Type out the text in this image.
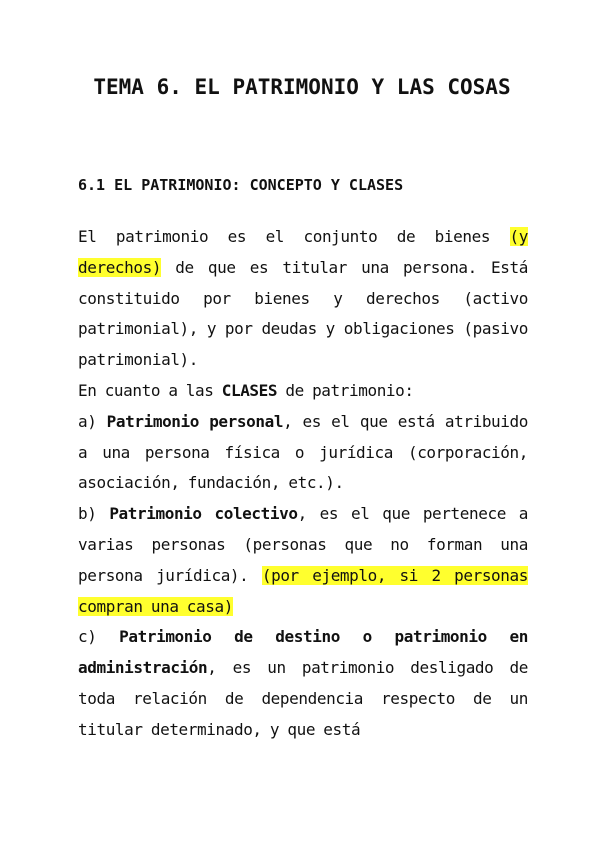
TEMA 6. EL PATRIMONIO Y LAS COSAS
6.1 EL PATRIMONIO: CONCEPTO Y CLASES

El patrimonio es el conjunto de bienes (y derechos) de que es titular una persona. Está constituido por bienes y derechos (activo patrimonial), y por deudas y obligaciones (pasivo patrimonial).

En cuanto a las CLASES de patrimonio:

a) Patrimonio personal, es el que está atribuido a una persona física o jurídica (corporación, asociación, fundación, etc.).

b) Patrimonio colectivo, es el que pertenece a varias personas (personas que no forman una persona jurídica). (por ejemplo, si 2 personas compran una casa)

c) Patrimonio de destino o patrimonio en administración, es un patrimonio desligado de toda relación de dependencia respecto de un titular determinado, y que está
